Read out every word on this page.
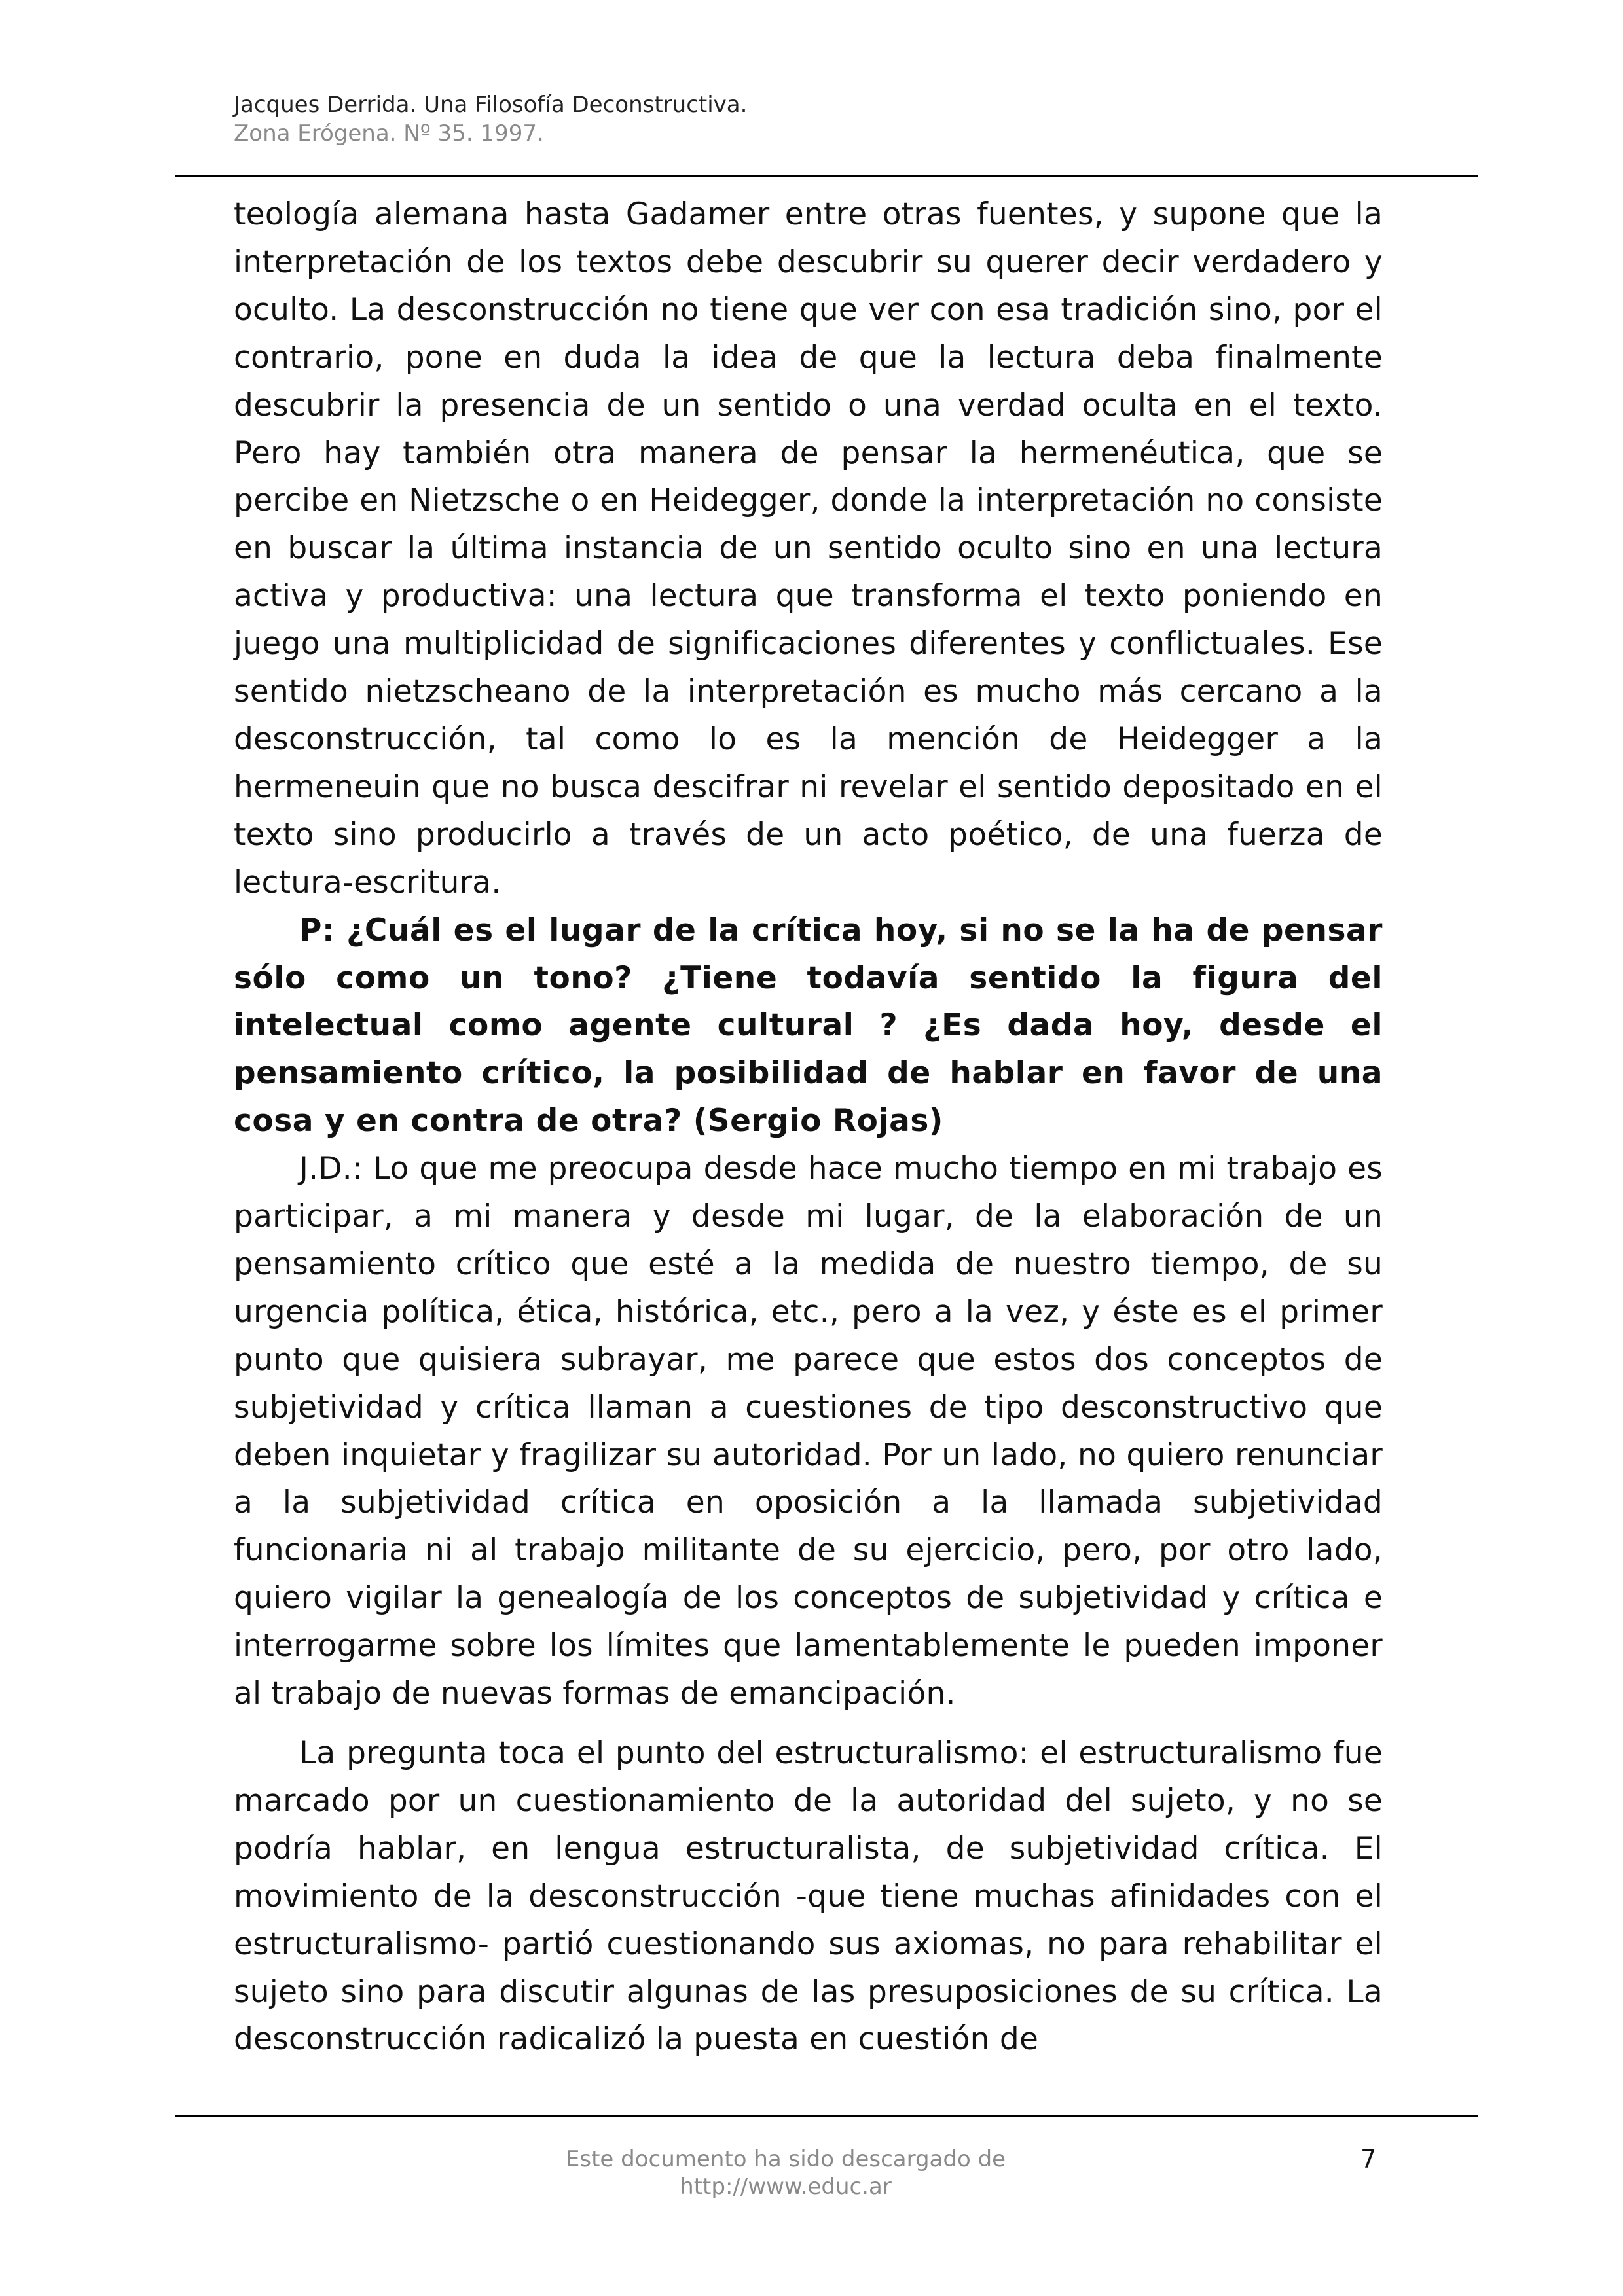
Jacques Derrida. Una Filosofía Deconstructiva.
Zona Erógena. Nº 35. 1997.

teología alemana hasta Gadamer entre otras fuentes, y supone que la interpretación de los textos debe descubrir su querer decir verdadero y oculto. La desconstrucción no tiene que ver con esa tradición sino, por el contrario, pone en duda la idea de que la lectura deba finalmente descubrir la presencia de un sentido o una verdad oculta en el texto. Pero hay también otra manera de pensar la hermenéutica, que se percibe en Nietzsche o en Heidegger, donde la interpretación no consiste en buscar la última instancia de un sentido oculto sino en una lectura activa y productiva: una lectura que transforma el texto poniendo en juego una multiplicidad de significaciones diferentes y conflictuales. Ese sentido nietzscheano de la interpretación es mucho más cercano a la desconstrucción, tal como lo es la mención de Heidegger a la hermeneuin que no busca descifrar ni revelar el sentido depositado en el texto sino producirlo a través de un acto poético, de una fuerza de lectura-escritura.

P: ¿Cuál es el lugar de la crítica hoy, si no se la ha de pensar sólo como un tono? ¿Tiene todavía sentido la figura del intelectual como agente cultural ? ¿Es dada hoy, desde el pensamiento crítico, la posibilidad de hablar en favor de una cosa y en contra de otra? (Sergio Rojas)

J.D.: Lo que me preocupa desde hace mucho tiempo en mi trabajo es participar, a mi manera y desde mi lugar, de la elaboración de un pensamiento crítico que esté a la medida de nuestro tiempo, de su urgencia política, ética, histórica, etc., pero a la vez, y éste es el primer punto que quisiera subrayar, me parece que estos dos conceptos de subjetividad y crítica llaman a cuestiones de tipo desconstructivo que deben inquietar y fragilizar su autoridad. Por un lado, no quiero renunciar a la subjetividad crítica en oposición a la llamada subjetividad funcionaria ni al trabajo militante de su ejercicio, pero, por otro lado, quiero vigilar la genealogía de los conceptos de subjetividad y crítica e interrogarme sobre los límites que lamentablemente le pueden imponer al trabajo de nuevas formas de emancipación.

La pregunta toca el punto del estructuralismo: el estructuralismo fue marcado por un cuestionamiento de la autoridad del sujeto, y no se podría hablar, en lengua estructuralista, de subjetividad crítica. El movimiento de la desconstrucción -que tiene muchas afinidades con el estructuralismo- partió cuestionando sus axiomas, no para rehabilitar el sujeto sino para discutir algunas de las presuposiciones de su crítica. La desconstrucción radicalizó la puesta en cuestión de

Este documento ha sido descargado de
http://www.educ.ar
7
